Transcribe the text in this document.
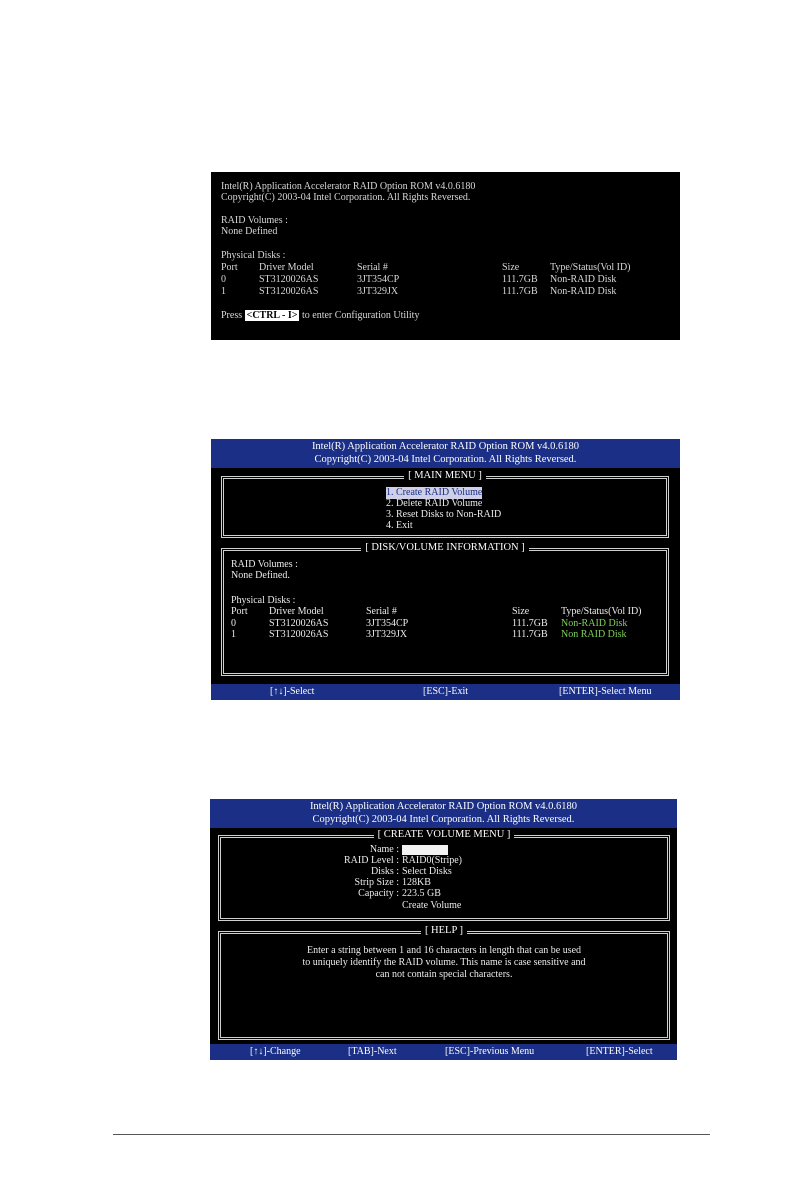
Intel(R) Application Accelerator RAID Option ROM v4.0.6180
Copyright(C) 2003-04 Intel Corporation. All Rights Reversed.
RAID Volumes :
None Defined
Physical Disks :
Port Driver Model	Serial #	Size	Type/Status(Vol ID)
0	ST3120026AS	3JT354CP	111.7GB Non-RAID Disk
1	ST3120026AS	3JT329JX	111.7GB Non-RAID Disk
Press <CTRL - I> to enter Configuration Utility
Intel(R) Application Accelerator RAID Option ROM v4.0.6180
Copyright(C) 2003-04 Intel Corporation. All Rights Reversed.
[ MAIN MENU ]
1. Create RAID Volume
2. Delete RAID Volume
3. Reset Disks to Non-RAID
4. Exit
[ DISK/VOLUME INFORMATION ]
RAID Volumes :
None Defined.
Physical Disks :
Port Driver Model	Serial #	Size	Type/Status(Vol ID)
0	ST3120026AS	3JT354CP	111.7GB Non-RAID Disk
1	ST3120026AS	3JT329JX	111.7GB Non RAID Disk
[↑↓]-Select	[ESC]-Exit	[ENTER]-Select Menu
Intel(R) Application Accelerator RAID Option ROM v4.0.6180
Copyright(C) 2003-04 Intel Corporation. All Rights Reversed.
[ CREATE VOLUME MENU ]
Name :
RAID Level : RAID0(Stripe)
Disks : Select Disks
Strip Size : 128KB
Capacity : 223.5 GB
Create Volume
[ HELP ]
Enter a string between 1 and 16 characters in length that can be used
to uniquely identify the RAID volume. This name is case sensitive and
can not contain special characters.
[↑↓]-Change	[TAB]-Next	[ESC]-Previous Menu	[ENTER]-Select
